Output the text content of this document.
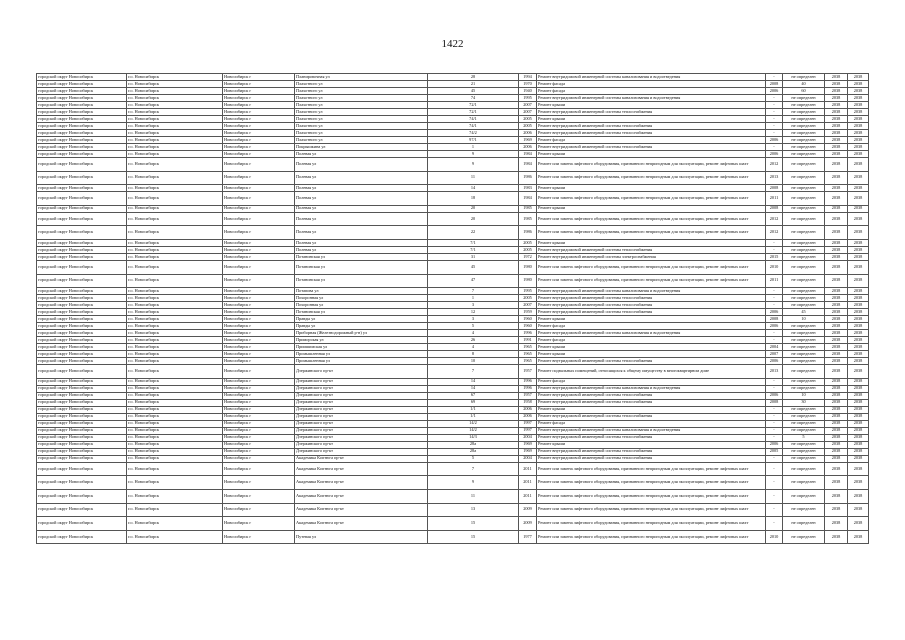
1422
городской округ Новосибирск	г.о. Новосибирск	Новосибирск г	Планировочная ул	28	1994	Ремонт внутридомовой инженерной системы канализования и водоотведения	-	не определен	2038	2038
городской округ Новосибирск	г.о. Новосибирск	Новосибирск г	Плахотного ул	21	1970	Ремонт фасада	2008	40	2038	2038
городской округ Новосибирск	г.о. Новосибирск	Новосибирск г	Плахотного ул	45	1940	Ремонт фасада	2006	60	2038	2038
городской округ Новосибирск	г.о. Новосибирск	Новосибирск г	Плахотного ул	74	1995	Ремонт внутридомовой инженерной системы канализования и водоотведения	-	не определен	2038	2038
городской округ Новосибирск	г.о. Новосибирск	Новосибирск г	Плахотного ул	72/1	2007	Ремонт крыши	-	не определен	2038	2038
городской округ Новосибирск	г.о. Новосибирск	Новосибирск г	Плахотного ул	72/1	2007	Ремонт внутридомовой инженерной системы теплоснабжения	-	не определен	2038	2038
городской округ Новосибирск	г.о. Новосибирск	Новосибирск г	Плахотного ул	74/1	2005	Ремонт крыши	-	не определен	2038	2038
городской округ Новосибирск	г.о. Новосибирск	Новосибирск г	Плахотного ул	74/1	2005	Ремонт внутридомовой инженерной системы теплоснабжения	-	не определен	2038	2038
городской округ Новосибирск	г.о. Новосибирск	Новосибирск г	Плахотного ул	74/2	2006	Ремонт внутридомовой инженерной системы теплоснабжения	-	не определен	2038	2038
городской округ Новосибирск	г.о. Новосибирск	Новосибирск г	Плахотного ул	97/1	1969	Ремонт фасада	2006	не определен	2038	2038
городской округ Новосибирск	г.о. Новосибирск	Новосибирск г	Покрышкина ул	1	2006	Ремонт внутридомовой инженерной системы теплоснабжения	-	не определен	2038	2038
городской округ Новосибирск	г.о. Новосибирск	Новосибирск г	Полевая ул	9	1984	Ремонт крыши	2006	не определен	2038	2038
городской округ Новосибирск	г.о. Новосибирск	Новосибирск г	Полевая ул	9	1984	Ремонт или замена лифтового оборудования, признанного непригодным для эксплуатации, ремонт лифтовых шахт	2012	не определен	2038	2038
городской округ Новосибирск	г.о. Новосибирск	Новосибирск г	Полевая ул	11	1986	Ремонт или замена лифтового оборудования, признанного непригодным для эксплуатации, ремонт лифтовых шахт	2013	не определен	2038	2038
городской округ Новосибирск	г.о. Новосибирск	Новосибирск г	Полевая ул	14	1983	Ремонт крыши	2008	не определен	2038	2038
городской округ Новосибирск	г.о. Новосибирск	Новосибирск г	Полевая ул	18	1984	Ремонт или замена лифтового оборудования, признанного непригодным для эксплуатации, ремонт лифтовых шахт	2011	не определен	2038	2038
городской округ Новосибирск	г.о. Новосибирск	Новосибирск г	Полевая ул	20	1985	Ремонт крыши	2008	не определен	2038	2038
городской округ Новосибирск	г.о. Новосибирск	Новосибирск г	Полевая ул	20	1985	Ремонт или замена лифтового оборудования, признанного непригодным для эксплуатации, ремонт лифтовых шахт	2012	не определен	2038	2038
городской округ Новосибирск	г.о. Новосибирск	Новосибирск г	Полевая ул	22	1986	Ремонт или замена лифтового оборудования, признанного непригодным для эксплуатации, ремонт лифтовых шахт	2012	не определен	2038	2038
городской округ Новосибирск	г.о. Новосибирск	Новосибирск г	Полевая ул	7/1	2005	Ремонт крыши	-	не определен	2038	2038
городской округ Новосибирск	г.о. Новосибирск	Новосибирск г	Полевая ул	7/1	2005	Ремонт внутридомовой инженерной системы теплоснабжения	-	не определен	2038	2038
городской округ Новосибирск	г.о. Новосибирск	Новосибирск г	Потанинская ул	31	1972	Ремонт внутридомовой инженерной системы электроснабжения	2015	не определен	2038	2038
городской округ Новосибирск	г.о. Новосибирск	Новосибирск г	Потанинская ул	45	1980	Ремонт или замена лифтового оборудования, признанного непригодным для эксплуатации, ремонт лифтовых шахт	2010	не определен	2038	2038
городской округ Новосибирск	г.о. Новосибирск	Новосибирск г	Потанинская ул	47	1980	Ремонт или замена лифтового оборудования, признанного непригодным для эксплуатации, ремонт лифтовых шахт	2011	не определен	2038	2038
городской округ Новосибирск	г.о. Новосибирск	Новосибирск г	Потапова ул	7	1995	Ремонт внутридомовой инженерной системы канализования и водоотведения	-	не определен	2038	2038
городской округ Новосибирск	г.о. Новосибирск	Новосибирск г	Похоронная ул	1	2005	Ремонт внутридомовой инженерной системы теплоснабжения	-	не определен	2038	2038
городской округ Новосибирск	г.о. Новосибирск	Новосибирск г	Похоронная ул	3	2007	Ремонт внутридомовой инженерной системы теплоснабжения	-	не определен	2038	2038
городской округ Новосибирск	г.о. Новосибирск	Новосибирск г	Потанинская ул	12	1959	Ремонт внутридомовой инженерной системы теплоснабжения	2006	45	2038	2038
городской округ Новосибирск	г.о. Новосибирск	Новосибирск г	Правды ул	3	1960	Ремонт крыши	2008	10	2038	2038
городской округ Новосибирск	г.о. Новосибирск	Новосибирск г	Правды ул	5	1960	Ремонт фасада	2006	не определен	2038	2038
городской округ Новосибирск	г.о. Новосибирск	Новосибирск г	Приборная (Железнодорожный р-н) ул	4	1996	Ремонт внутридомовой инженерной системы канализования и водоотведения	-	не определен	2038	2038
городской округ Новосибирск	г.о. Новосибирск	Новосибирск г	Приморская ул	26	1991	Ремонт фасада	-	не определен	2038	2038
городской округ Новосибирск	г.о. Новосибирск	Новосибирск г	Приишимская ул	4	1965	Ремонт крыши	2004	не определен	2038	2038
городской округ Новосибирск	г.о. Новосибирск	Новосибирск г	Промышленная ул	8	1965	Ремонт крыши	2007	не определен	2038	2038
городской округ Новосибирск	г.о. Новосибирск	Новосибирск г	Промышленная ул	10	1965	Ремонт внутридомовой инженерной системы теплоснабжения	2006	не определен	2038	2038
городской округ Новосибирск	г.о. Новосибирск	Новосибирск г	Дзержинского пр-кт	7	1957	Ремонт подвальных помещений, относящихся к общему имуществу в многоквартирном доме	2013	не определен	2038	2038
городской округ Новосибирск	г.о. Новосибирск	Новосибирск г	Дзержинского пр-кт	14	1996	Ремонт фасада	-	не определен	2038	2038
городской округ Новосибирск	г.о. Новосибирск	Новосибирск г	Дзержинского пр-кт	14	1996	Ремонт внутридомовой инженерной системы канализования и водоотведения	-	не определен	2038	2038
городской округ Новосибирск	г.о. Новосибирск	Новосибирск г	Дзержинского пр-кт	67	1957	Ремонт внутридомовой инженерной системы теплоснабжения	2006	10	2038	2038
городской округ Новосибирск	г.о. Новосибирск	Новосибирск г	Дзержинского пр-кт	69	1958	Ремонт внутридомовой инженерной системы теплоснабжения	2008	30	2038	2038
городской округ Новосибирск	г.о. Новосибирск	Новосибирск г	Дзержинского пр-кт	1/1	2006	Ремонт крыши	-	не определен	2038	2038
городской округ Новосибирск	г.о. Новосибирск	Новосибирск г	Дзержинского пр-кт	1/1	2006	Ремонт внутридомовой инженерной системы теплоснабжения	-	не определен	2038	2038
городской округ Новосибирск	г.о. Новосибирск	Новосибирск г	Дзержинского пр-кт	14/2	1997	Ремонт фасада	-	не определен	2038	2038
городской округ Новосибирск	г.о. Новосибирск	Новосибирск г	Дзержинского пр-кт	14/2	1997	Ремонт внутридомовой инженерной системы канализования и водоотведения	-	не определен	2038	2038
городской округ Новосибирск	г.о. Новосибирск	Новосибирск г	Дзержинского пр-кт	14/3	2004	Ремонт внутридомовой инженерной системы теплоснабжения	-	5	2038	2038
городской округ Новосибирск	г.о. Новосибирск	Новосибирск г	Дзержинского пр-кт	28a	1969	Ремонт крыши	2006	не определен	2038	2038
городской округ Новосибирск	г.о. Новосибирск	Новосибирск г	Дзержинского пр-кт	28a	1969	Ремонт внутридомовой инженерной системы теплоснабжения	2005	не определен	2038	2038
городской округ Новосибирск	г.о. Новосибирск	Новосибирск г	Академика Коптюга пр-кт	5	2004	Ремонт внутридомовой инженерной системы теплоснабжения	-	не определен	2038	2038
городской округ Новосибирск	г.о. Новосибирск	Новосибирск г	Академика Коптюга пр-кт	7	2011	Ремонт или замена лифтового оборудования, признанного непригодным для эксплуатации, ремонт лифтовых шахт	-	не определен	2038	2038
городской округ Новосибирск	г.о. Новосибирск	Новосибирск г	Академика Коптюга пр-кт	9	2011	Ремонт или замена лифтового оборудования, признанного непригодным для эксплуатации, ремонт лифтовых шахт	-	не определен	2038	2038
городской округ Новосибирск	г.о. Новосибирск	Новосибирск г	Академика Коптюга пр-кт	11	2011	Ремонт или замена лифтового оборудования, признанного непригодным для эксплуатации, ремонт лифтовых шахт	-	не определен	2038	2038
городской округ Новосибирск	г.о. Новосибирск	Новосибирск г	Академика Коптюга пр-кт	13	2009	Ремонт или замена лифтового оборудования, признанного непригодным для эксплуатации, ремонт лифтовых шахт	-	не определен	2038	2038
городской округ Новосибирск	г.о. Новосибирск	Новосибирск г	Академика Коптюга пр-кт	15	2009	Ремонт или замена лифтового оборудования, признанного непригодным для эксплуатации, ремонт лифтовых шахт	-	не определен	2038	2038
городской округ Новосибирск	г.о. Новосибирск	Новосибирск г	Путевая ул	15	1977	Ремонт или замена лифтового оборудования, признанного непригодным для эксплуатации, ремонт лифтовых шахт	2010	не определен	2038	2038
